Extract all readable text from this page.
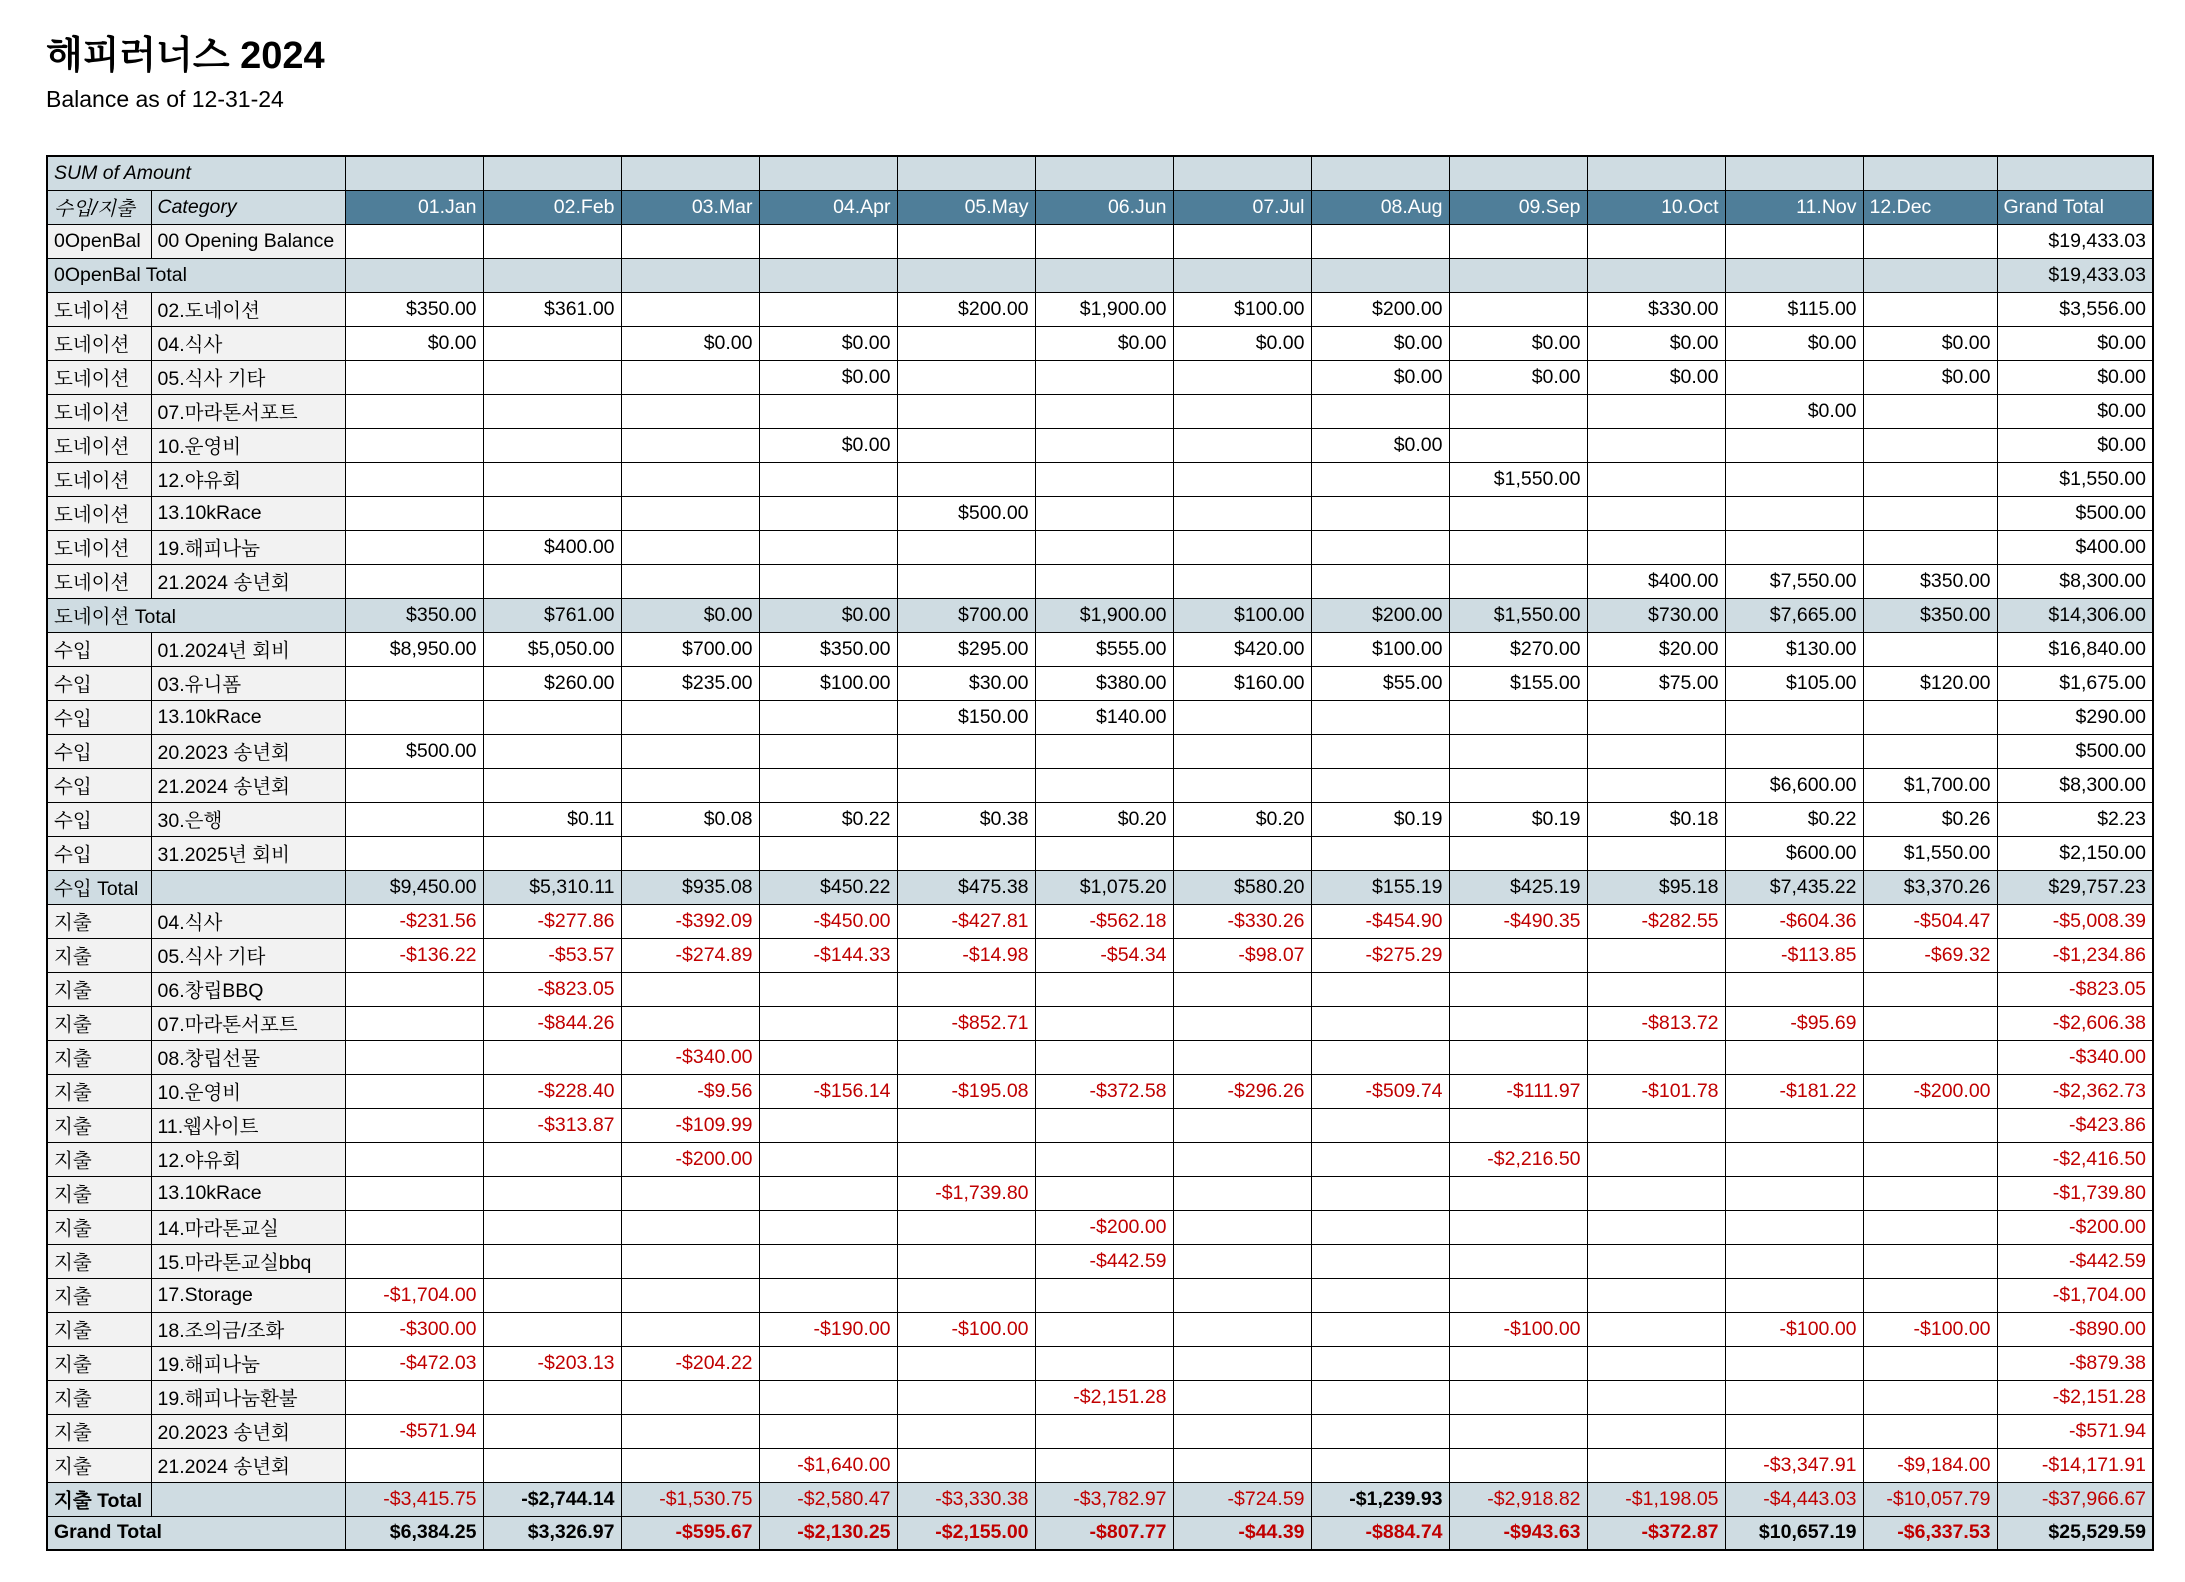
해피러너스 2024
Balance as of 12-31-24
SUM of Amount														
수입/지출	Category	01.Jan	02.Feb	03.Mar	04.Apr	05.May	06.Jun	07.Jul	08.Aug	09.Sep	10.Oct	11.Nov	12.Dec	Grand Total
0OpenBal	00 Opening Balance													$19,433.03
0OpenBal Total														$19,433.03
도네이션	02.도네이션	$350.00	$361.00			$200.00	$1,900.00	$100.00	$200.00		$330.00	$115.00		$3,556.00
도네이션	04.식사	$0.00		$0.00	$0.00		$0.00	$0.00	$0.00	$0.00	$0.00	$0.00	$0.00	$0.00
도네이션	05.식사 기타				$0.00				$0.00	$0.00	$0.00		$0.00	$0.00
도네이션	07.마라톤서포트											$0.00		$0.00
도네이션	10.운영비				$0.00				$0.00					$0.00
도네이션	12.야유회									$1,550.00				$1,550.00
도네이션	13.10kRace					$500.00								$500.00
도네이션	19.해피나눔		$400.00											$400.00
도네이션	21.2024 송년회										$400.00	$7,550.00	$350.00	$8,300.00
도네이션 Total		$350.00	$761.00	$0.00	$0.00	$700.00	$1,900.00	$100.00	$200.00	$1,550.00	$730.00	$7,665.00	$350.00	$14,306.00
수입	01.2024년 회비	$8,950.00	$5,050.00	$700.00	$350.00	$295.00	$555.00	$420.00	$100.00	$270.00	$20.00	$130.00		$16,840.00
수입	03.유니폼		$260.00	$235.00	$100.00	$30.00	$380.00	$160.00	$55.00	$155.00	$75.00	$105.00	$120.00	$1,675.00
수입	13.10kRace					$150.00	$140.00							$290.00
수입	20.2023 송년회	$500.00												$500.00
수입	21.2024 송년회											$6,600.00	$1,700.00	$8,300.00
수입	30.은행		$0.11	$0.08	$0.22	$0.38	$0.20	$0.20	$0.19	$0.19	$0.18	$0.22	$0.26	$2.23
수입	31.2025년 회비											$600.00	$1,550.00	$2,150.00
수입 Total		$9,450.00	$5,310.11	$935.08	$450.22	$475.38	$1,075.20	$580.20	$155.19	$425.19	$95.18	$7,435.22	$3,370.26	$29,757.23
지출	04.식사	-$231.56	-$277.86	-$392.09	-$450.00	-$427.81	-$562.18	-$330.26	-$454.90	-$490.35	-$282.55	-$604.36	-$504.47	-$5,008.39
지출	05.식사 기타	-$136.22	-$53.57	-$274.89	-$144.33	-$14.98	-$54.34	-$98.07	-$275.29			-$113.85	-$69.32	-$1,234.86
지출	06.창립BBQ		-$823.05											-$823.05
지출	07.마라톤서포트		-$844.26			-$852.71					-$813.72	-$95.69		-$2,606.38
지출	08.창립선물			-$340.00										-$340.00
지출	10.운영비		-$228.40	-$9.56	-$156.14	-$195.08	-$372.58	-$296.26	-$509.74	-$111.97	-$101.78	-$181.22	-$200.00	-$2,362.73
지출	11.웹사이트		-$313.87	-$109.99										-$423.86
지출	12.야유회			-$200.00						-$2,216.50				-$2,416.50
지출	13.10kRace					-$1,739.80								-$1,739.80
지출	14.마라톤교실						-$200.00							-$200.00
지출	15.마라톤교실bbq						-$442.59							-$442.59
지출	17.Storage	-$1,704.00												-$1,704.00
지출	18.조의금/조화	-$300.00			-$190.00	-$100.00				-$100.00		-$100.00	-$100.00	-$890.00
지출	19.해피나눔	-$472.03	-$203.13	-$204.22										-$879.38
지출	19.해피나눔환불						-$2,151.28							-$2,151.28
지출	20.2023 송년회	-$571.94												-$571.94
지출	21.2024 송년회				-$1,640.00							-$3,347.91	-$9,184.00	-$14,171.91
지출 Total		-$3,415.75	-$2,744.14	-$1,530.75	-$2,580.47	-$3,330.38	-$3,782.97	-$724.59	-$1,239.93	-$2,918.82	-$1,198.05	-$4,443.03	-$10,057.79	-$37,966.67
Grand Total		$6,384.25	$3,326.97	-$595.67	-$2,130.25	-$2,155.00	-$807.77	-$44.39	-$884.74	-$943.63	-$372.87	$10,657.19	-$6,337.53	$25,529.59
